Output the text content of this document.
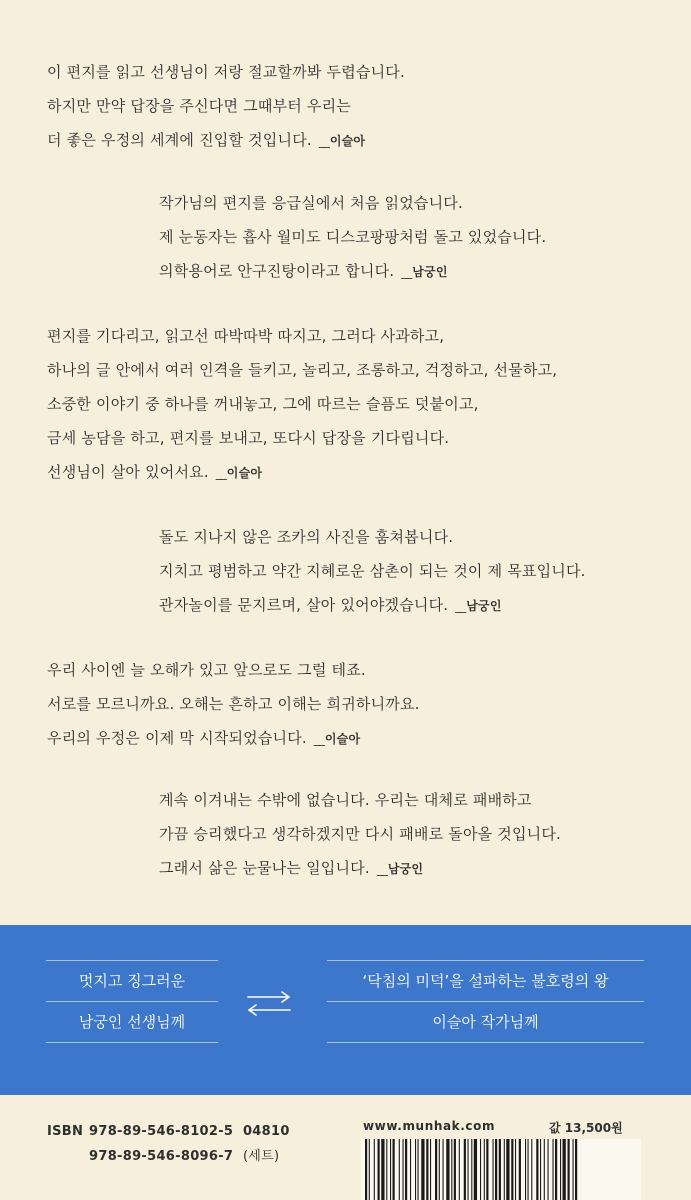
이 편지를 읽고 선생님이 저랑 절교할까봐 두렵습니다.
하지만 만약 답장을 주신다면 그때부터 우리는
더 좋은 우정의 세계에 진입할 것입니다. __ 이슬아
작가님의 편지를 응급실에서 처음 읽었습니다.
제 눈동자는 흡사 월미도 디스코팡팡처럼 돌고 있었습니다.
의학용어로 안구진탕이라고 합니다. __ 남궁인
편지를 기다리고, 읽고선 따박따박 따지고, 그러다 사과하고,
하나의 글 안에서 여러 인격을 들키고, 놀리고, 조롱하고, 걱정하고, 선물하고,
소중한 이야기 중 하나를 꺼내놓고, 그에 따르는 슬픔도 덧붙이고,
금세 농담을 하고, 편지를 보내고, 또다시 답장을 기다립니다.
선생님이 살아 있어서요. __ 이슬아
돌도 지나지 않은 조카의 사진을 훔쳐봅니다.
지치고 평범하고 약간 지혜로운 삼촌이 되는 것이 제 목표입니다.
관자놀이를 문지르며, 살아 있어야겠습니다. __ 남궁인
우리 사이엔 늘 오해가 있고 앞으로도 그럴 테죠.
서로를 모르니까요. 오해는 흔하고 이해는 희귀하니까요.
우리의 우정은 이제 막 시작되었습니다. __ 이슬아
계속 이겨내는 수밖에 없습니다. 우리는 대체로 패배하고
가끔 승리했다고 생각하겠지만 다시 패배로 돌아올 것입니다.
그래서 삶은 눈물나는 일입니다. __ 남궁인
멋지고 징그러운
남궁인 선생님께
‘닥침의 미덕’을 설파하는 불호령의 왕
이슬아 작가님께
ISBN 978-89-546-8102-5 04810
978-89-546-8096-7 (세트)
www.munhak.com	값 13,500원
